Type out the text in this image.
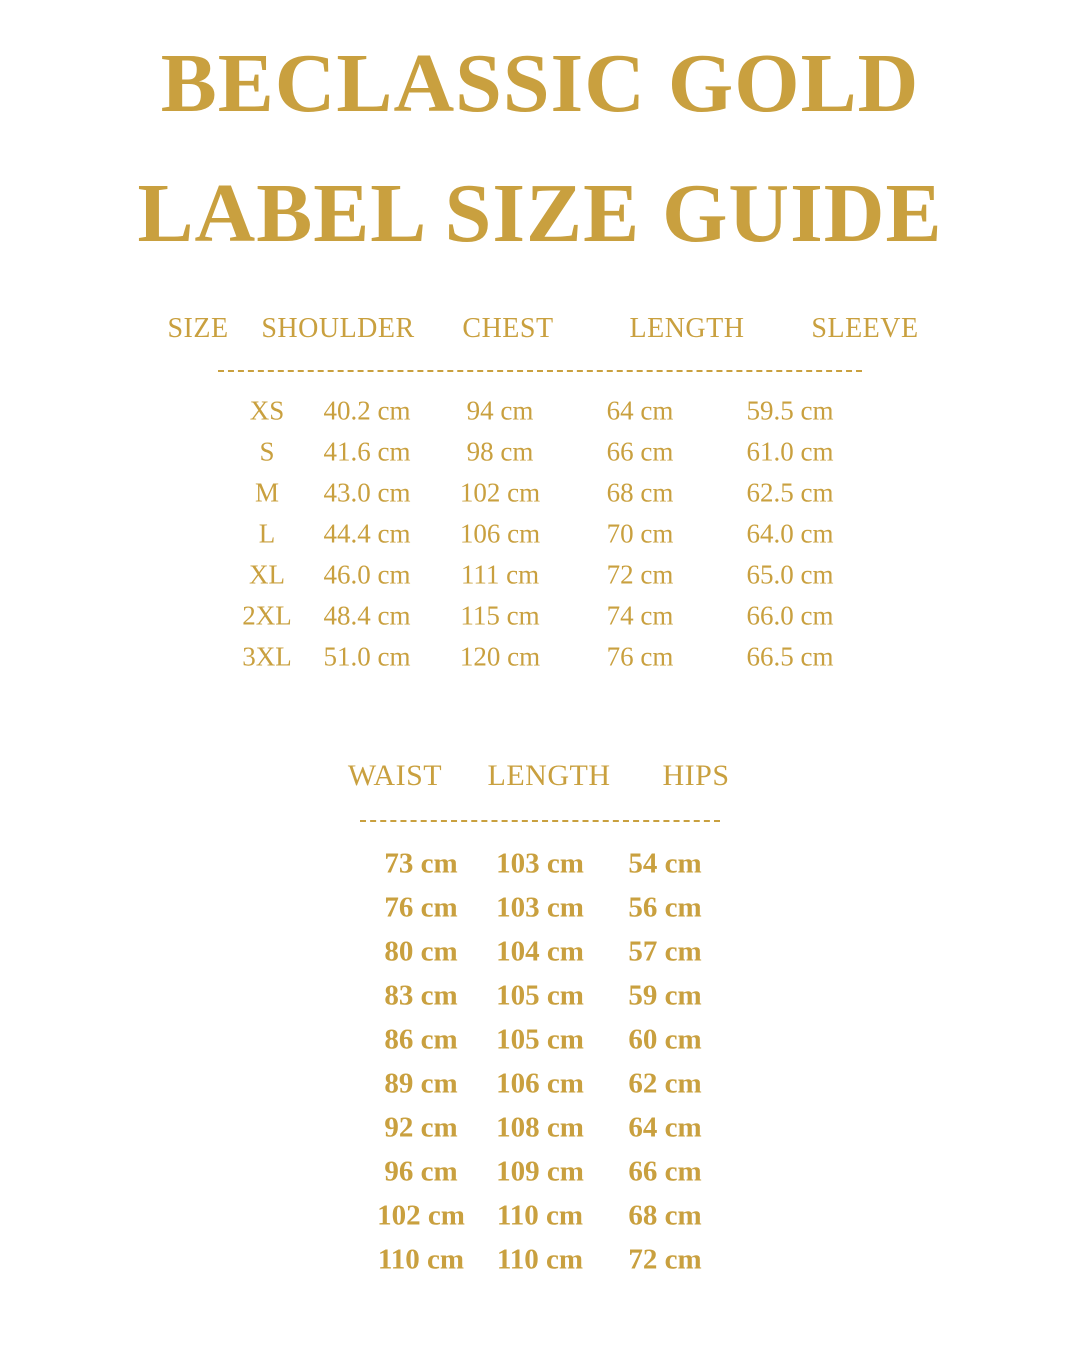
BECLASSIC GOLD
LABEL SIZE GUIDE
SIZE SHOULDER CHEST	LENGTH SLEEVE
XS 40.2 cm 94 cm	64 cm	59.5 cm
S 41.6 cm 98 cm	66 cm	61.0 cm
M 43.0 cm 102 cm 68 cm	62.5 cm
L 44.4 cm 106 cm 70 cm	64.0 cm
XL 46.0 cm 111 cm	72 cm	65.0 cm
2XL 48.4 cm 115 cm 74 cm	66.0 cm
3XL 51.0 cm 120 cm 76 cm	66.5 cm
WAIST LENGTH HIPS
73 cm 103 cm 54 cm
76 cm 103 cm 56 cm
80 cm 104 cm 57 cm
83 cm 105 cm 59 cm
86 cm 105 cm 60 cm
89 cm 106 cm 62 cm
92 cm 108 cm 64 cm
96 cm 109 cm 66 cm
102 cm 110 cm 68 cm
110 cm 110 cm 72 cm
